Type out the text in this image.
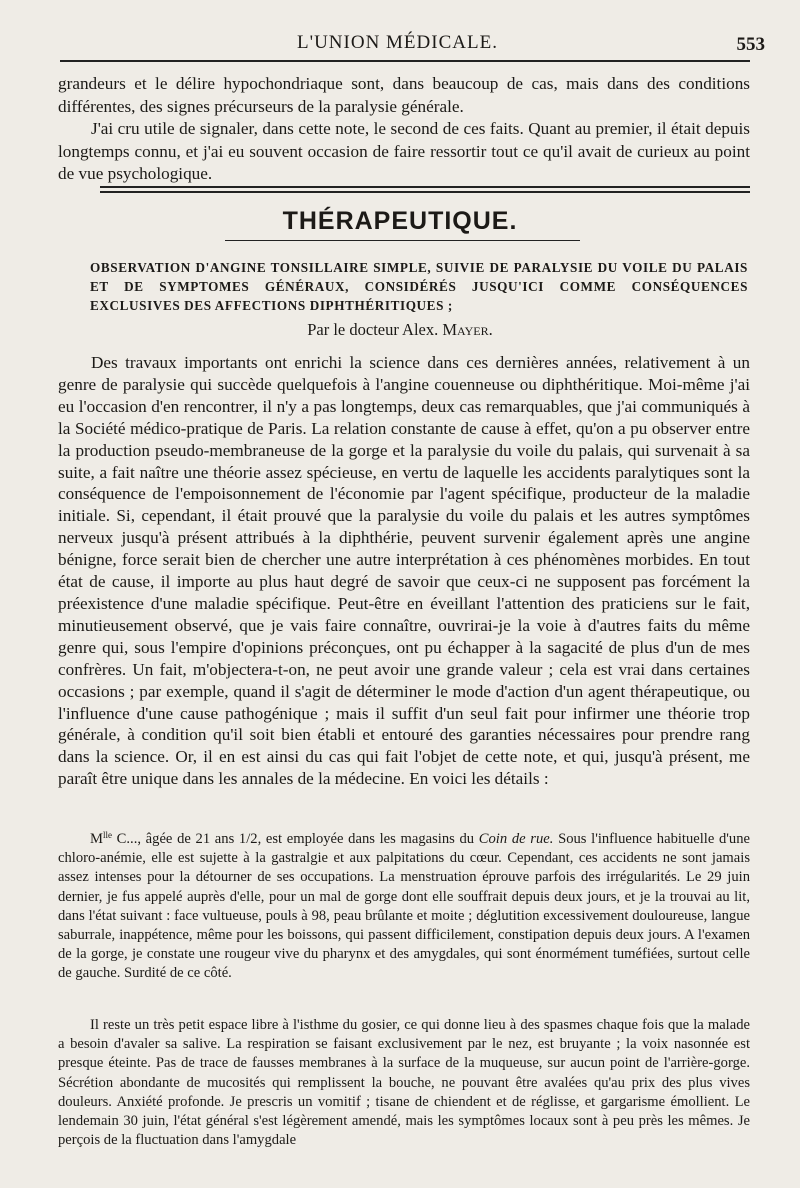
L'UNION MÉDICALE.	553

grandeurs et le délire hypochondriaque sont, dans beaucoup de cas, mais dans des conditions différentes, des signes précurseurs de la paralysie générale.

J'ai cru utile de signaler, dans cette note, le second de ces faits. Quant au premier, il était depuis longtemps connu, et j'ai eu souvent occasion de faire ressortir tout ce qu'il avait de curieux au point de vue psychologique.

THÉRAPEUTIQUE.

OBSERVATION D'ANGINE TONSILLAIRE SIMPLE, SUIVIE DE PARALYSIE DU VOILE DU PALAIS ET DE SYMPTOMES GÉNÉRAUX, CONSIDÉRÉS JUSQU'ICI COMME CONSÉQUENCES EXCLUSIVES DES AFFECTIONS DIPHTHÉRITIQUES ;

Par le docteur Alex. Mayer.

Des travaux importants ont enrichi la science dans ces dernières années, relativement à un genre de paralysie qui succède quelquefois à l'angine couenneuse ou diphthéritique. Moi-même j'ai eu l'occasion d'en rencontrer, il n'y a pas longtemps, deux cas remarquables, que j'ai communiqués à la Société médico-pratique de Paris. La relation constante de cause à effet, qu'on a pu observer entre la production pseudo-membraneuse de la gorge et la paralysie du voile du palais, qui survenait à sa suite, a fait naître une théorie assez spécieuse, en vertu de laquelle les accidents paralytiques sont la conséquence de l'empoisonnement de l'économie par l'agent spécifique, producteur de la maladie initiale. Si, cependant, il était prouvé que la paralysie du voile du palais et les autres symptômes nerveux jusqu'à présent attribués à la diphthérie, peuvent survenir également après une angine bénigne, force serait bien de chercher une autre interprétation à ces phénomènes morbides. En tout état de cause, il importe au plus haut degré de savoir que ceux-ci ne supposent pas forcément la préexistence d'une maladie spécifique. Peut-être en éveillant l'attention des praticiens sur le fait, minutieusement observé, que je vais faire connaître, ouvrirai-je la voie à d'autres faits du même genre qui, sous l'empire d'opinions préconçues, ont pu échapper à la sagacité de plus d'un de mes confrères. Un fait, m'objectera-t-on, ne peut avoir une grande valeur ; cela est vrai dans certaines occasions ; par exemple, quand il s'agit de déterminer le mode d'action d'un agent thérapeutique, ou l'influence d'une cause pathogénique ; mais il suffit d'un seul fait pour infirmer une théorie trop générale, à condition qu'il soit bien établi et entouré des garanties nécessaires pour prendre rang dans la science. Or, il en est ainsi du cas qui fait l'objet de cette note, et qui, jusqu'à présent, me paraît être unique dans les annales de la médecine. En voici les détails :

$M^{lle}$ C..., âgée de 21 ans 1/2, est employée dans les magasins du Coin de rue. Sous l'influence habituelle d'une chloro-anémie, elle est sujette à la gastralgie et aux palpitations du cœur. Cependant, ces accidents ne sont jamais assez intenses pour la détourner de ses occupations. La menstruation éprouve parfois des irrégularités. Le 29 juin dernier, je fus appelé auprès d'elle, pour un mal de gorge dont elle souffrait depuis deux jours, et je la trouvai au lit, dans l'état suivant : face vultueuse, pouls à 98, peau brûlante et moite ; déglutition excessivement douloureuse, langue saburrale, inappétence, même pour les boissons, qui passent difficilement, constipation depuis deux jours. A l'examen de la gorge, je constate une rougeur vive du pharynx et des amygdales, qui sont énormément tuméfiées, surtout celle de gauche. Surdité de ce côté.

Il reste un très petit espace libre à l'isthme du gosier, ce qui donne lieu à des spasmes chaque fois que la malade a besoin d'avaler sa salive. La respiration se faisant exclusivement par le nez, est bruyante ; la voix nasonnée est presque éteinte. Pas de trace de fausses membranes à la surface de la muqueuse, sur aucun point de l'arrière-gorge. Sécrétion abondante de mucosités qui remplissent la bouche, ne pouvant être avalées qu'au prix des plus vives douleurs. Anxiété profonde. Je prescris un vomitif ; tisane de chiendent et de réglisse, et gargarisme émollient. Le lendemain 30 juin, l'état général s'est légèrement amendé, mais les symptômes locaux sont à peu près les mêmes. Je perçois de la fluctuation dans l'amygdale
